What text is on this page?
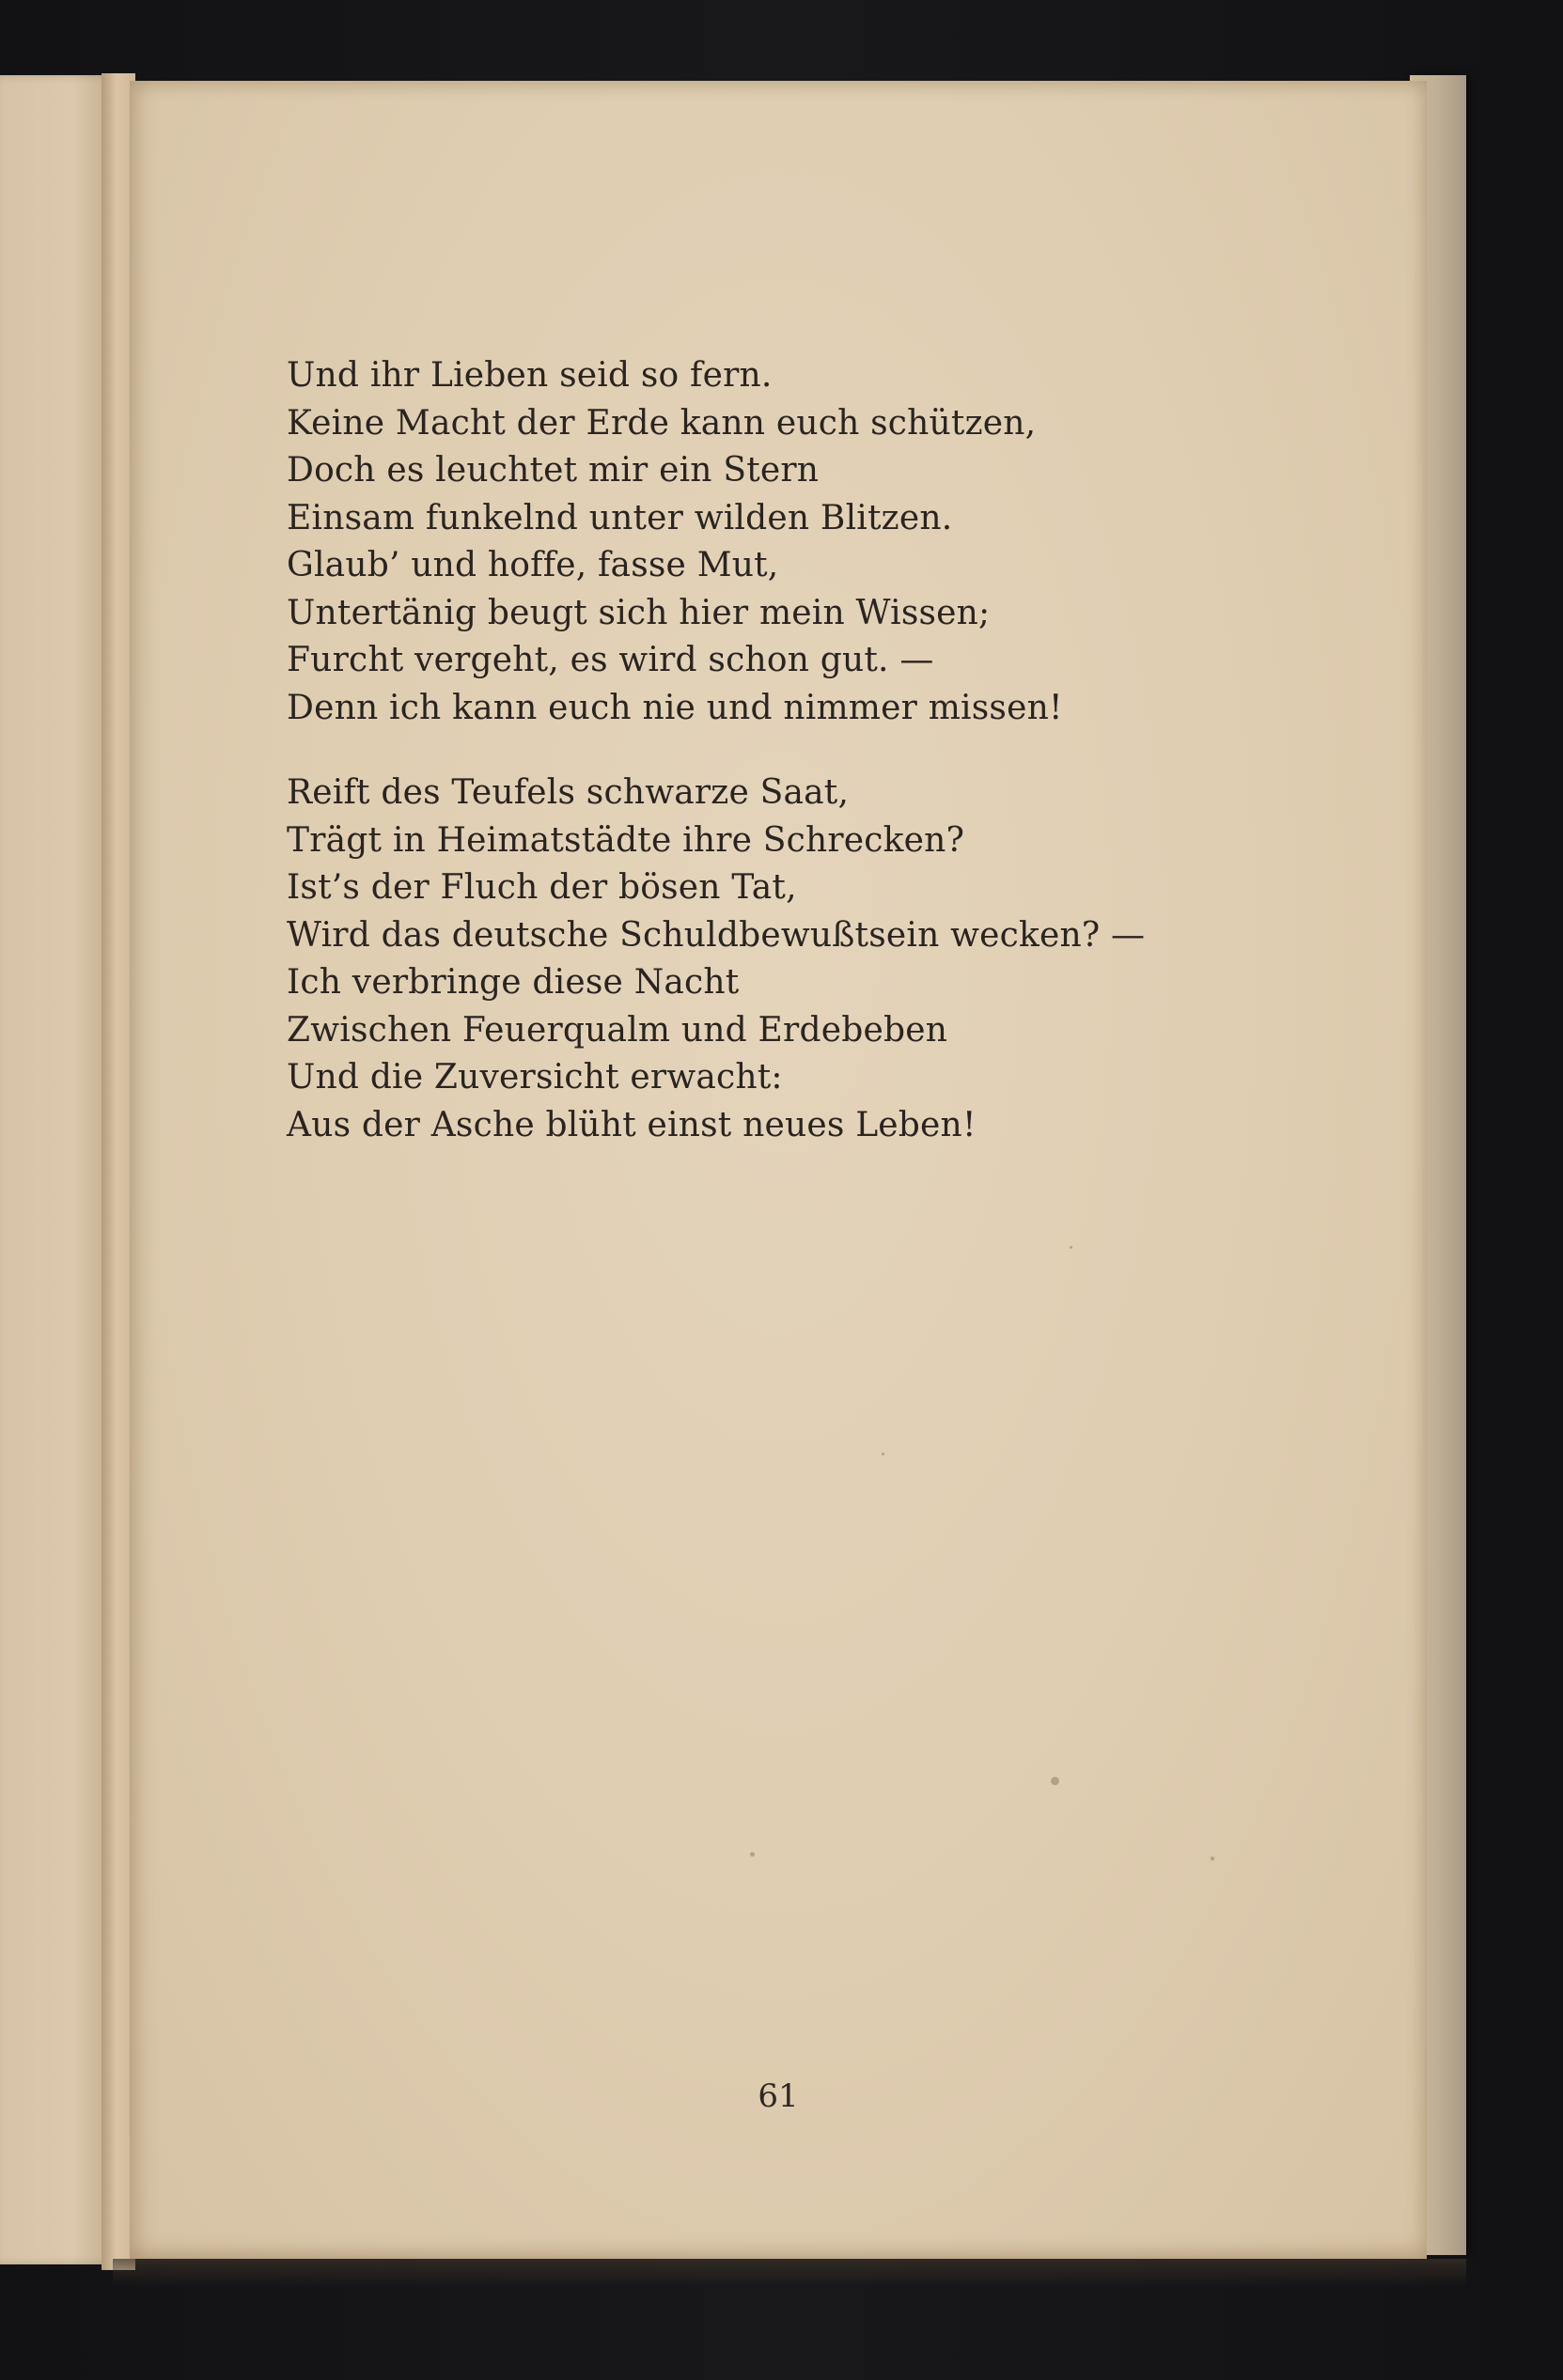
61

Und ihr Lieben seid so fern.
Keine Macht der Erde kann euch schützen,
Doch es leuchtet mir ein Stern
Einsam funkelnd unter wilden Blitzen.
Glaub’ und hoffe, fasse Mut,
Untertänig beugt sich hier mein Wissen;
Furcht vergeht, es wird schon gut. —
Denn ich kann euch nie und nimmer missen!

Reift des Teufels schwarze Saat,
Trägt in Heimatstädte ihre Schrecken?
Ist’s der Fluch der bösen Tat,
Wird das deutsche Schuldbewußtsein wecken? —
Ich verbringe diese Nacht
Zwischen Feuerqualm und Erdebeben
Und die Zuversicht erwacht:
Aus der Asche blüht einst neues Leben!
